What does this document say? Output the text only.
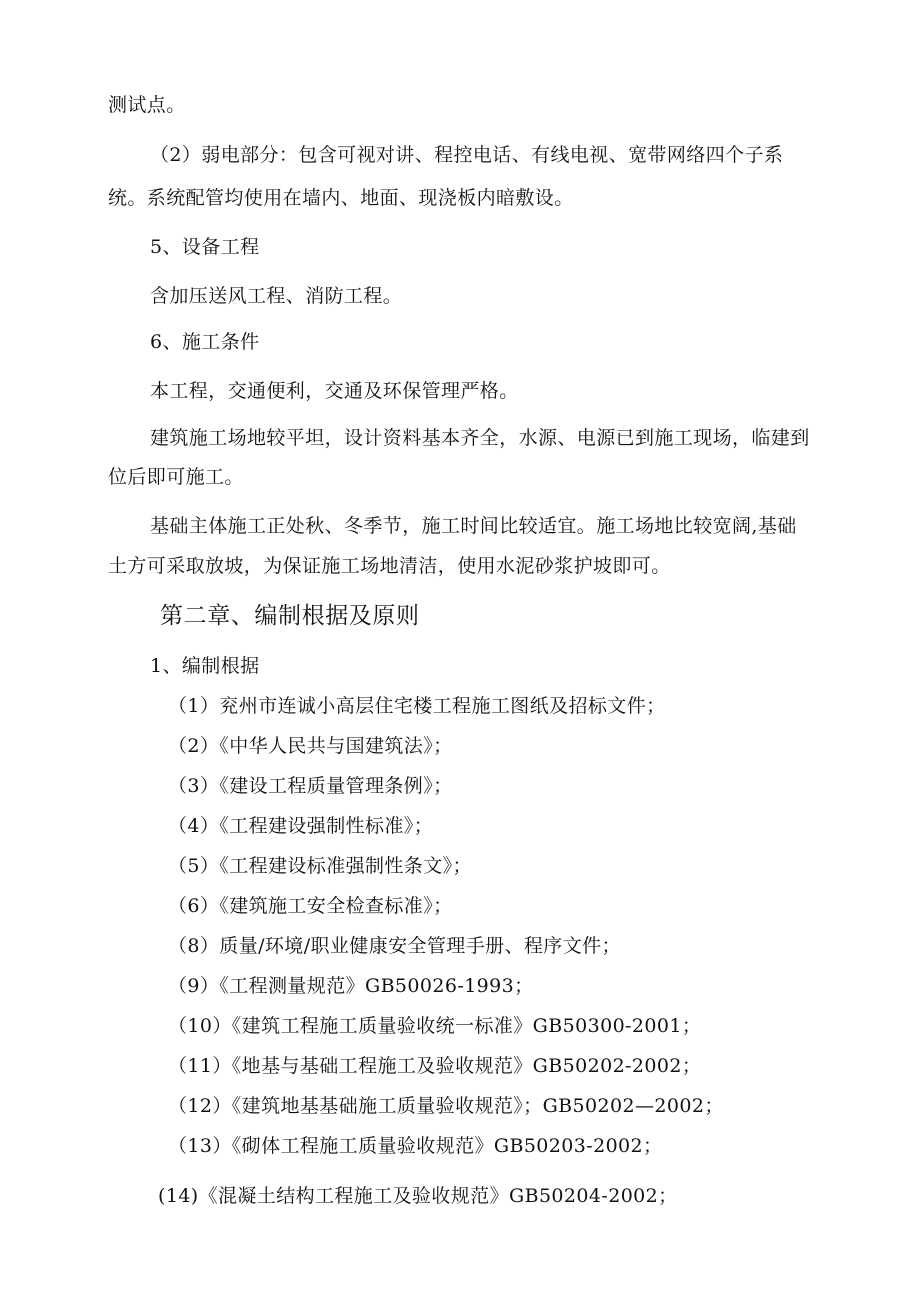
测试点。
（2）弱电部分：包含可视对讲、程控电话、有线电视、宽带网络四个子系
统。系统配管均使用在墙内、地面、现浇板内暗敷设。
5、设备工程
含加压送风工程、消防工程。
6、施工条件
本工程，交通便利，交通及环保管理严格。
建筑施工场地较平坦，设计资料基本齐全，水源、电源已到施工现场，临建到
位后即可施工。
基础主体施工正处秋、冬季节，施工时间比较适宜。施工场地比较宽阔,基础
土方可采取放坡，为保证施工场地清洁，使用水泥砂浆护坡即可。
第二章、编制根据及原则
1、编制根据
（1）兖州市连诚小高层住宅楼工程施工图纸及招标文件；
（2）《中华人民共与国建筑法》；
（3）《建设工程质量管理条例》；
（4）《工程建设强制性标准》；
（5）《工程建设标准强制性条文》；
（6）《建筑施工安全检查标准》；
（8）质量/环境/职业健康安全管理手册、程序文件；
（9）《工程测量规范》GB50026-1993；
（10）《建筑工程施工质量验收统一标准》GB50300-2001；
（11）《地基与基础工程施工及验收规范》GB50202-2002；
（12）《建筑地基基础施工质量验收规范》；GB50202—2002；
（13）《砌体工程施工质量验收规范》GB50203-2002；
(14)《混凝土结构工程施工及验收规范》GB50204-2002；
